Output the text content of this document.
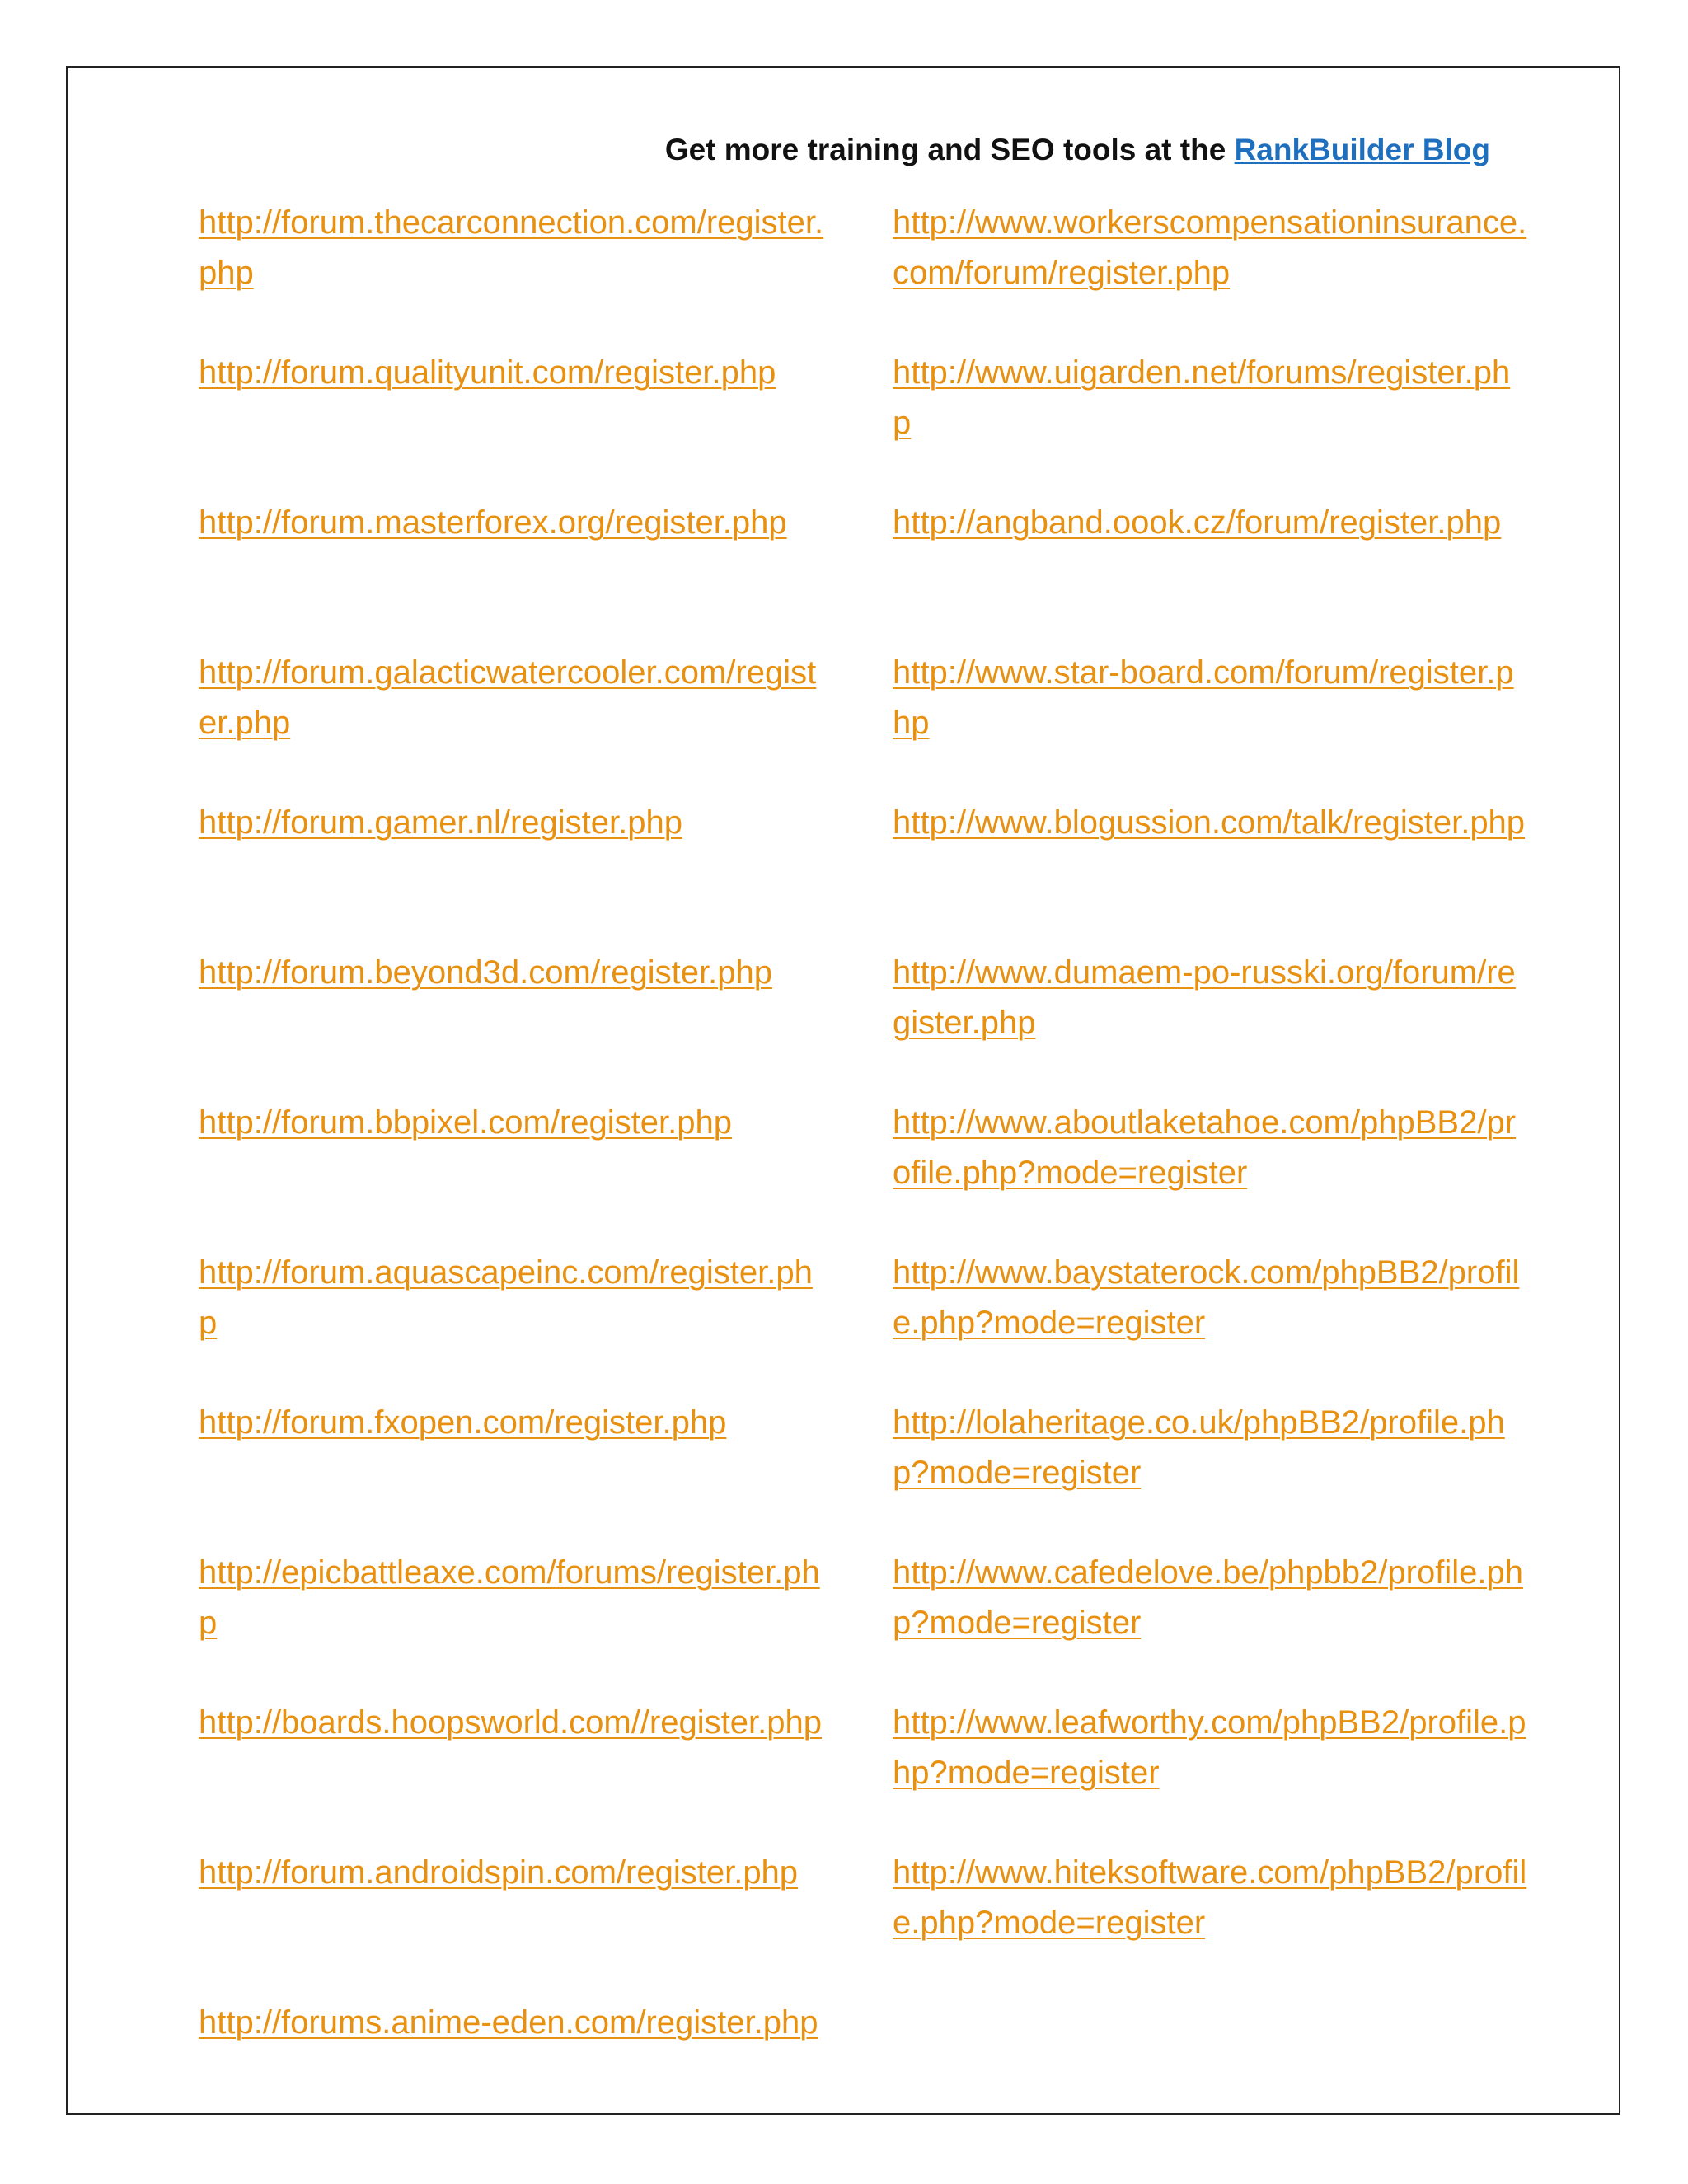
Get more training and SEO tools at the RankBuilder Blog
http://forum.thecarconnection.com/register.php
http://forum.qualityunit.com/register.php
http://forum.masterforex.org/register.php
http://forum.galacticwatercooler.com/register.php
http://forum.gamer.nl/register.php
http://forum.beyond3d.com/register.php
http://forum.bbpixel.com/register.php
http://forum.aquascapeinc.com/register.php
http://forum.fxopen.com/register.php
http://epicbattleaxe.com/forums/register.php
http://boards.hoopsworld.com//register.php
http://forum.androidspin.com/register.php
http://forums.anime-eden.com/register.php
http://www.workerscompensationinsurance.com/forum/register.php
http://www.uigarden.net/forums/register.php
http://angband.oook.cz/forum/register.php
http://www.star-board.com/forum/register.php
http://www.blogussion.com/talk/register.php
http://www.dumaem-po-russki.org/forum/register.php
http://www.aboutlaketahoe.com/phpBB2/profile.php?mode=register
http://www.baystaterock.com/phpBB2/profile.php?mode=register
http://lolaheritage.co.uk/phpBB2/profile.php?mode=register
http://www.cafedelove.be/phpbb2/profile.php?mode=register
http://www.leafworthy.com/phpBB2/profile.php?mode=register
http://www.hiteksoftware.com/phpBB2/profile.php?mode=register
